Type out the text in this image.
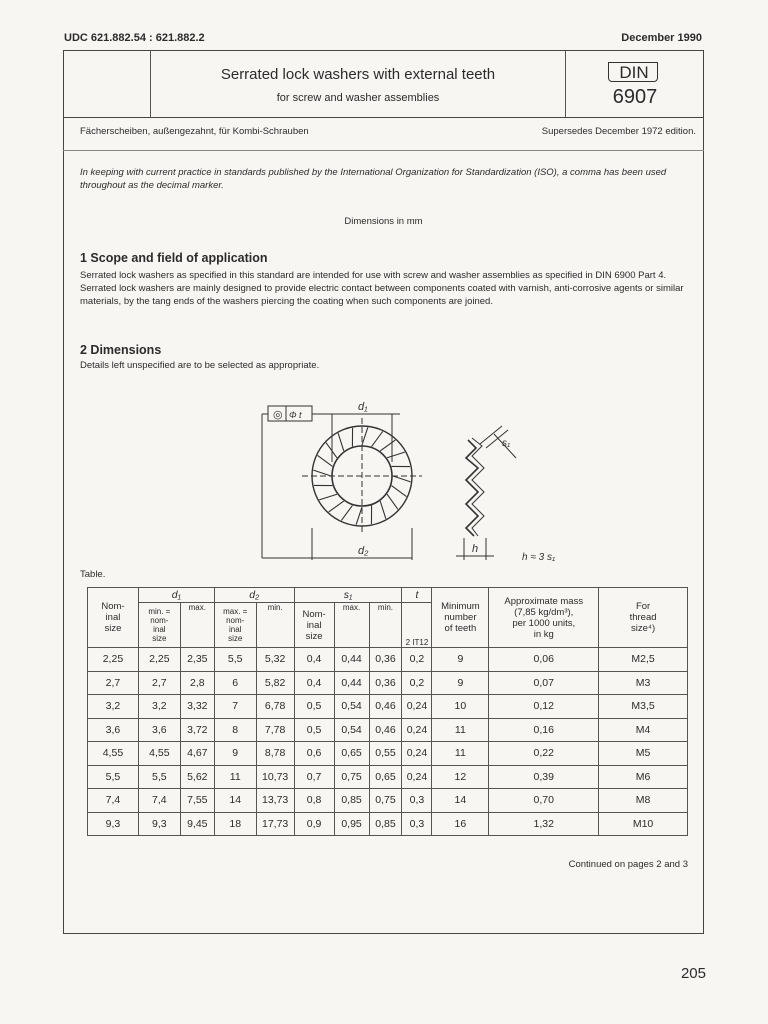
UDC 621.882.54 : 621.882.2	December 1990
Serrated lock washers with external teeth
for screw and washer assemblies
DIN
6907
Fächerscheiben, außengezahnt, für Kombi-Schrauben	Supersedes December 1972 edition.
In keeping with current practice in standards published by the International Organization for Standardization (ISO), a comma has been used throughout as the decimal marker.
Dimensions in mm
1 Scope and field of application
Serrated lock washers as specified in this standard are intended for use with screw and washer assemblies as specified in DIN 6900 Part 4. Serrated lock washers are mainly designed to provide electric contact between components coated with varnish, anti-corrosive agents or similar materials, by the tang ends of the washers piercing the coating when such components are joined.
2 Dimensions
Details left unspecified are to be selected as appropriate.
◎ Φ t
d₁
d₂
s₁
h
h ≈ 3 s₁
Table.
Nom-
inal
size	d₁		d₂		s₁			t	Minimum
number
of teeth	Approximate mass
(7,85 kg/dm³),
per 1000 units,
in kg	For
thread
size⁴)
	min. =
nom-
inal
size	max.	max. =
nom-
inal
size	min.	Nom-
inal
size	max.	min.	2 IT12			
2,25	2,25	2,35	5,5	5,32	0,4	0,44	0,36	0,2	9	0,06	M2,5
2,7	2,7	2,8	6	5,82	0,4	0,44	0,36	0,2	9	0,07	M3
3,2	3,2	3,32	7	6,78	0,5	0,54	0,46	0,24	10	0,12	M3,5
3,6	3,6	3,72	8	7,78	0,5	0,54	0,46	0,24	11	0,16	M4
4,55	4,55	4,67	9	8,78	0,6	0,65	0,55	0,24	11	0,22	M5
5,5	5,5	5,62	11	10,73	0,7	0,75	0,65	0,24	12	0,39	M6
7,4	7,4	7,55	14	13,73	0,8	0,85	0,75	0,3	14	0,70	M8
9,3	9,3	9,45	18	17,73	0,9	0,95	0,85	0,3	16	1,32	M10
Continued on pages 2 and 3
205
